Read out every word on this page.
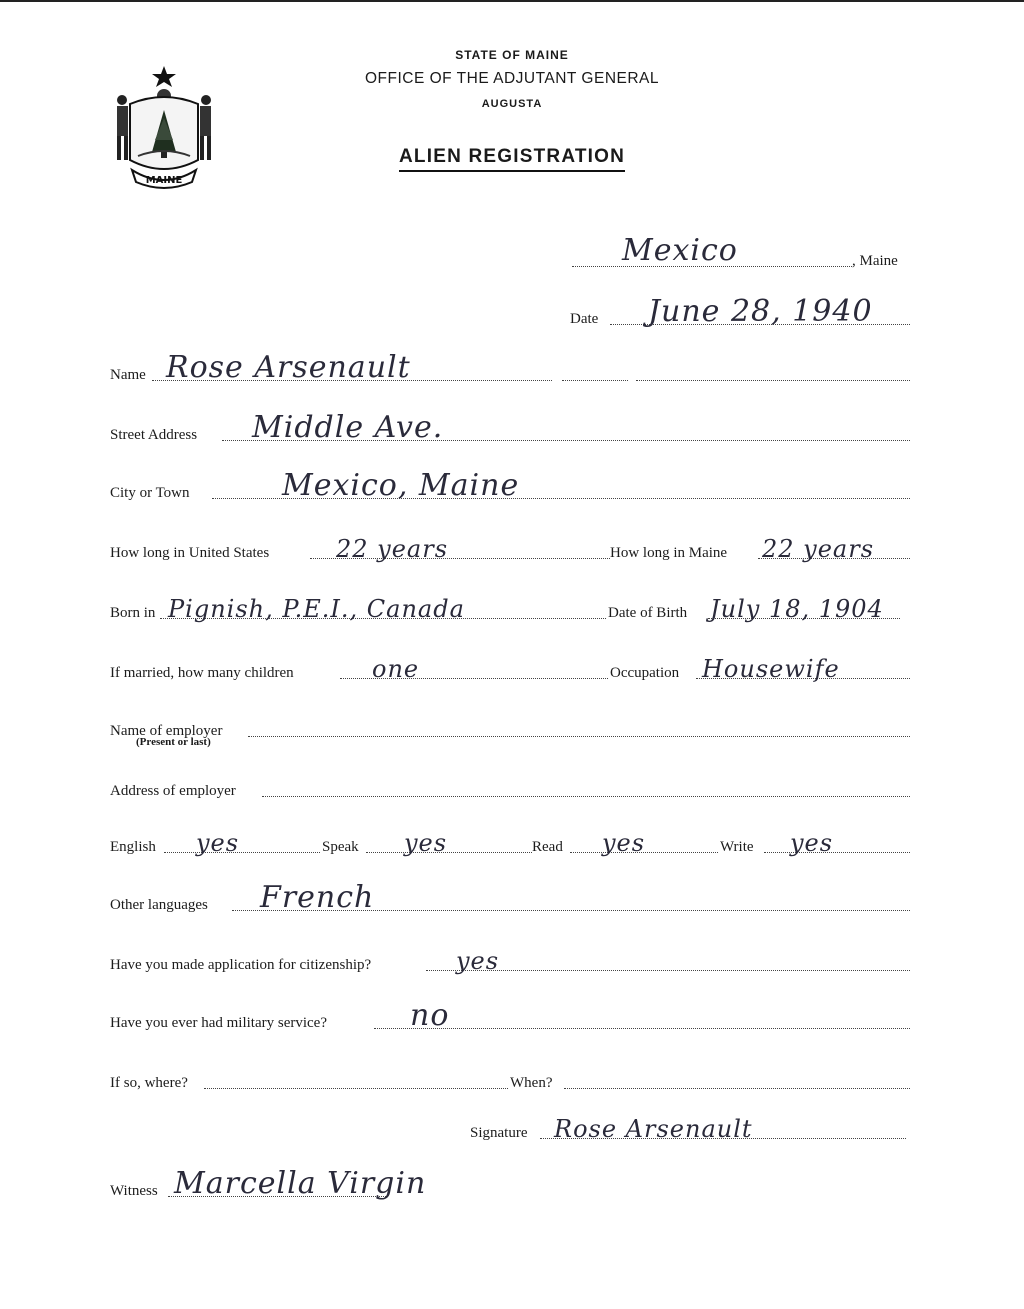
MAINE
STATE OF MAINE
OFFICE OF THE ADJUTANT GENERAL
AUGUSTA
ALIEN REGISTRATION
Mexico	, Maine
Date June 28, 1940
Name Rose Arsenault
Street Address Middle Ave.
City or Town	Mexico, Maine
How long in United States	22 years	How long in Maine 22 years
Born in Pignish, P.E.I., Canada	Date of Birth July 18, 1904
If married, how many children	one	Occupation Housewife
Name of employer
(Present or last)
Address of employer
English yes	Speak yes	Read yes	Write yes
Other languages French
Have you made application for citizenship?	yes
Have you ever had military service?	no
If so, where?	When?
Signature Rose Arsenault
Witness Marcella Virgin
